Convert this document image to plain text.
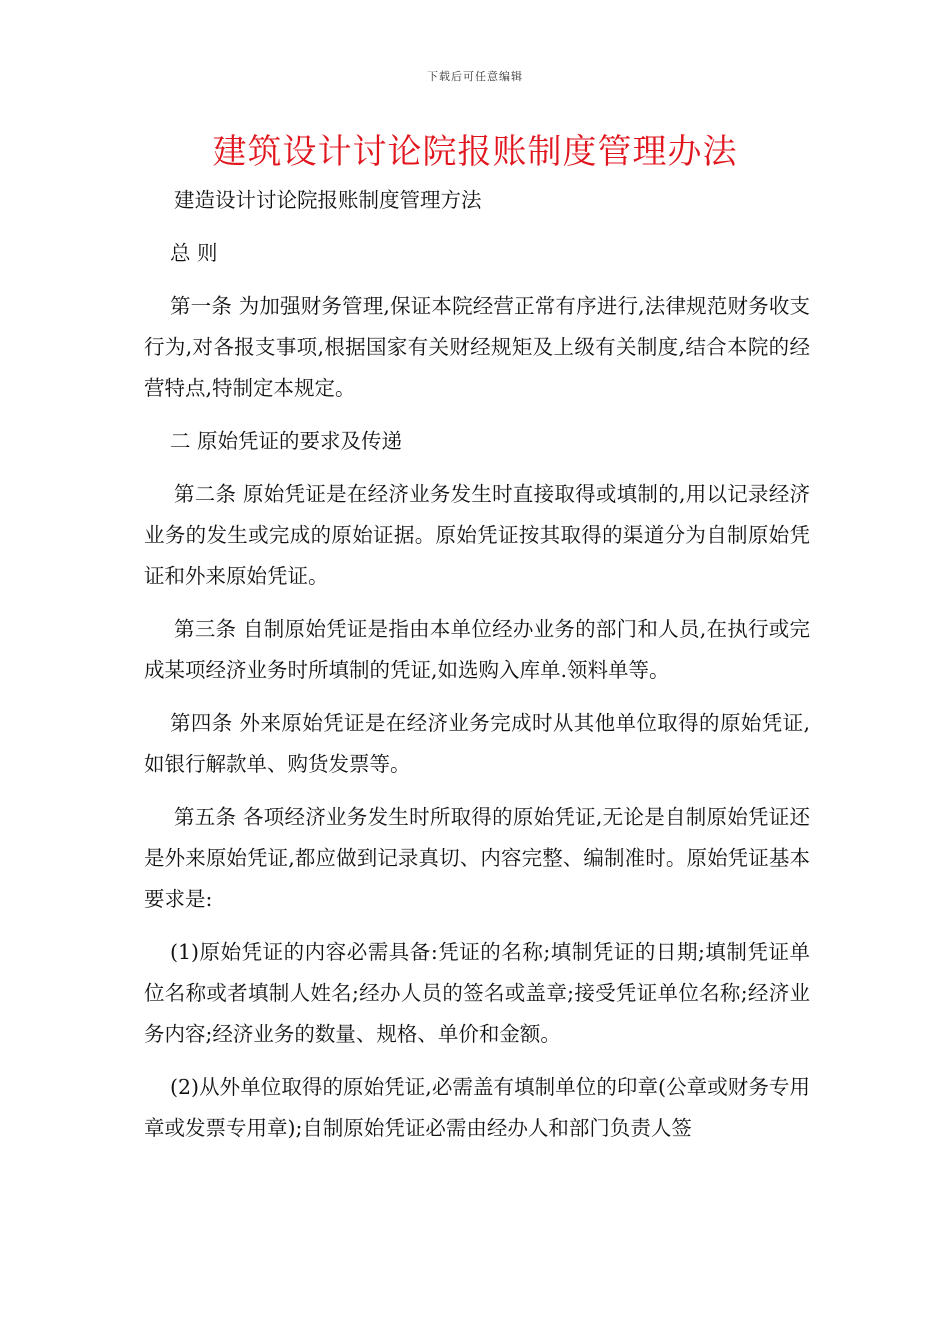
下载后可任意编辑
建筑设计讨论院报账制度管理办法

建造设计讨论院报账制度管理方法

总 则

第一条 为加强财务管理,保证本院经营正常有序进行,法律规范财务收支行为,对各报支事项,根据国家有关财经规矩及上级有关制度,结合本院的经营特点,特制定本规定。

二 原始凭证的要求及传递

第二条 原始凭证是在经济业务发生时直接取得或填制的,用以记录经济业务的发生或完成的原始证据。原始凭证按其取得的渠道分为自制原始凭证和外来原始凭证。

第三条 自制原始凭证是指由本单位经办业务的部门和人员,在执行或完成某项经济业务时所填制的凭证,如选购入库单.领料单等。

第四条 外来原始凭证是在经济业务完成时从其他单位取得的原始凭证,如银行解款单、购货发票等。

第五条 各项经济业务发生时所取得的原始凭证,无论是自制原始凭证还是外来原始凭证,都应做到记录真切、内容完整、编制准时。原始凭证基本要求是:

(1)原始凭证的内容必需具备:凭证的名称;填制凭证的日期;填制凭证单位名称或者填制人姓名;经办人员的签名或盖章;接受凭证单位名称;经济业务内容;经济业务的数量、规格、单价和金额。

(2)从外单位取得的原始凭证,必需盖有填制单位的印章(公章或财务专用章或发票专用章);自制原始凭证必需由经办人和部门负责人签
